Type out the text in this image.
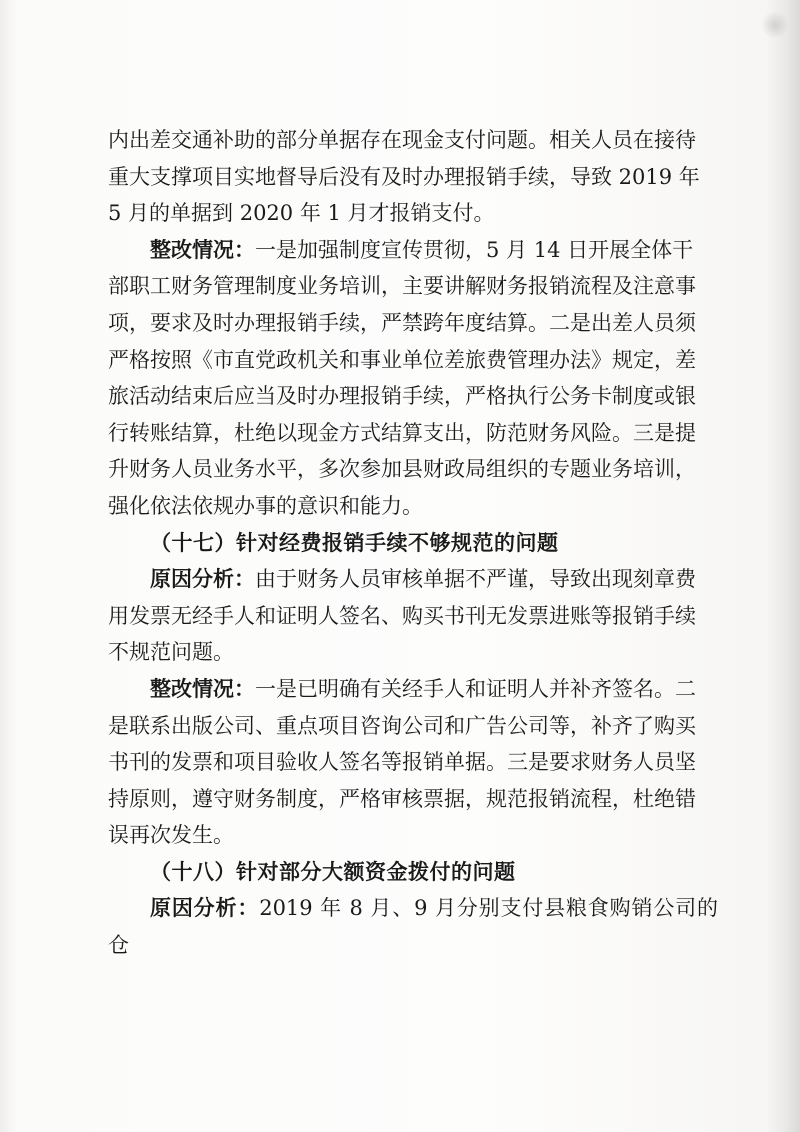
内出差交通补助的部分单据存在现金支付问题。相关人员在接待
重大支撑项目实地督导后没有及时办理报销手续，导致 2019 年
5 月的单据到 2020 年 1 月才报销支付。

整改情况：一是加强制度宣传贯彻，5 月 14 日开展全体干
部职工财务管理制度业务培训，主要讲解财务报销流程及注意事
项，要求及时办理报销手续，严禁跨年度结算。二是出差人员须
严格按照《市直党政机关和事业单位差旅费管理办法》规定，差
旅活动结束后应当及时办理报销手续，严格执行公务卡制度或银
行转账结算，杜绝以现金方式结算支出，防范财务风险。三是提
升财务人员业务水平，多次参加县财政局组织的专题业务培训，
强化依法依规办事的意识和能力。

（十七）针对经费报销手续不够规范的问题

原因分析：由于财务人员审核单据不严谨，导致出现刻章费
用发票无经手人和证明人签名、购买书刊无发票进账等报销手续
不规范问题。

整改情况：一是已明确有关经手人和证明人并补齐签名。二
是联系出版公司、重点项目咨询公司和广告公司等，补齐了购买
书刊的发票和项目验收人签名等报销单据。三是要求财务人员坚
持原则，遵守财务制度，严格审核票据，规范报销流程，杜绝错
误再次发生。

（十八）针对部分大额资金拨付的问题

原因分析：2019 年 8 月、9 月分别支付县粮食购销公司的仓
